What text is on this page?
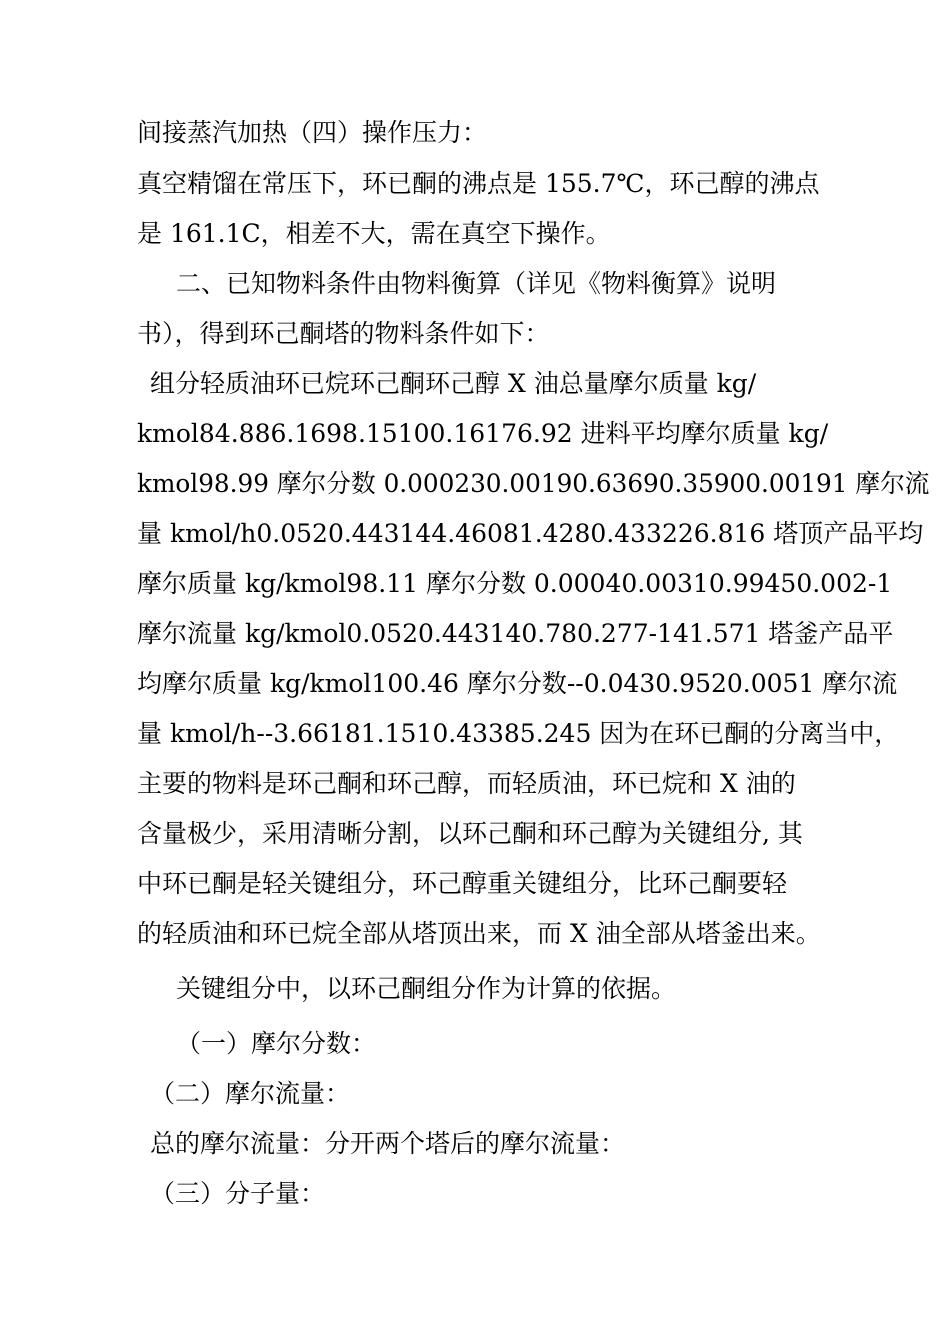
间接蒸汽加热（四）操作压力：

真空精馏在常压下，环已酮的沸点是 155.7℃，环己醇的沸点

是 161.1C，相差不大，需在真空下操作。

二、已知物料条件由物料衡算（详见《物料衡算》说明

书），得到环己酮塔的物料条件如下：

组分轻质油环已烷环己酮环己醇 X 油总量摩尔质量 kg/

kmol84.886.1698.15100.16176.92 进料平均摩尔质量 kg/

kmol98.99 摩尔分数 0.000230.00190.63690.35900.00191 摩尔流

量 kmol/h0.0520.443144.46081.4280.433226.816 塔顶产品平均

摩尔质量 kg/kmol98.11 摩尔分数 0.00040.00310.99450.002-1

摩尔流量 kg/kmol0.0520.443140.780.277-141.571 塔釜产品平

均摩尔质量 kg/kmol100.46 摩尔分数--0.0430.9520.0051 摩尔流

量 kmol/h--3.66181.1510.43385.245 因为在环已酮的分离当中，

主要的物料是环己酮和环己醇，而轻质油，环已烷和 X 油的

含量极少，采用清晰分割，以环己酮和环己醇为关键组分, 其

中环已酮是轻关键组分，环己醇重关键组分，比环己酮要轻

的轻质油和环已烷全部从塔顶出来，而 X 油全部从塔釜出来。

关键组分中，以环己酮组分作为计算的依据。

（一）摩尔分数：

（二）摩尔流量：

总的摩尔流量：分开两个塔后的摩尔流量：

（三）分子量：
